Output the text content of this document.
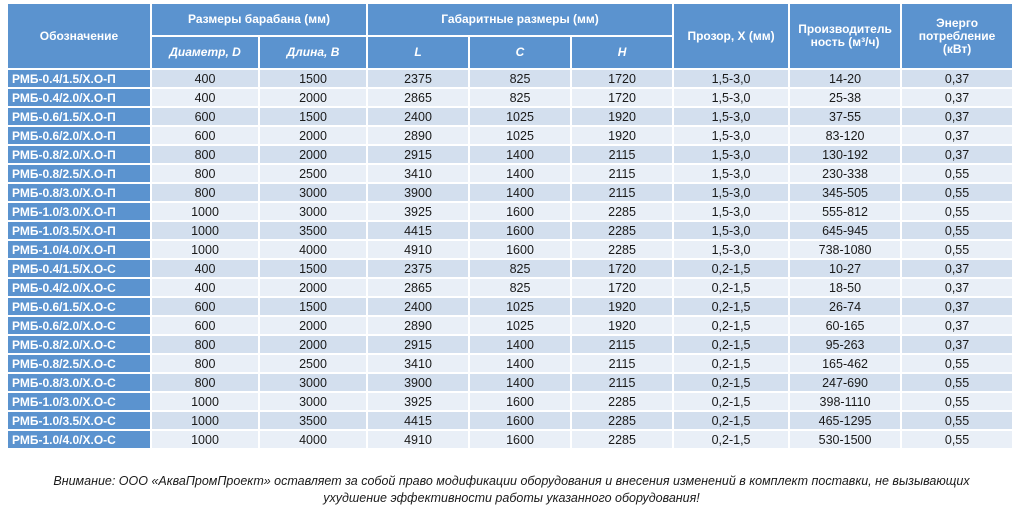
Обозначение	Размеры барабана (мм)		Габаритные размеры (мм)			Прозор, X (мм)	Производитель ность (м³/ч)	Энерго потребление (кВт)
	Диаметр, D	Длина, B	L	C	H			
РМБ-0.4/1.5/Х.О-П	400	1500	2375	825	1720	1,5-3,0	14-20	0,37
РМБ-0.4/2.0/Х.О-П	400	2000	2865	825	1720	1,5-3,0	25-38	0,37
РМБ-0.6/1.5/Х.О-П	600	1500	2400	1025	1920	1,5-3,0	37-55	0,37
РМБ-0.6/2.0/Х.О-П	600	2000	2890	1025	1920	1,5-3,0	83-120	0,37
РМБ-0.8/2.0/Х.О-П	800	2000	2915	1400	2115	1,5-3,0	130-192	0,37
РМБ-0.8/2.5/Х.О-П	800	2500	3410	1400	2115	1,5-3,0	230-338	0,55
РМБ-0.8/3.0/Х.О-П	800	3000	3900	1400	2115	1,5-3,0	345-505	0,55
РМБ-1.0/3.0/Х.О-П	1000	3000	3925	1600	2285	1,5-3,0	555-812	0,55
РМБ-1.0/3.5/Х.О-П	1000	3500	4415	1600	2285	1,5-3,0	645-945	0,55
РМБ-1.0/4.0/Х.О-П	1000	4000	4910	1600	2285	1,5-3,0	738-1080	0,55
РМБ-0.4/1.5/Х.О-С	400	1500	2375	825	1720	0,2-1,5	10-27	0,37
РМБ-0.4/2.0/Х.О-С	400	2000	2865	825	1720	0,2-1,5	18-50	0,37
РМБ-0.6/1.5/Х.О-С	600	1500	2400	1025	1920	0,2-1,5	26-74	0,37
РМБ-0.6/2.0/Х.О-С	600	2000	2890	1025	1920	0,2-1,5	60-165	0,37
РМБ-0.8/2.0/Х.О-С	800	2000	2915	1400	2115	0,2-1,5	95-263	0,37
РМБ-0.8/2.5/Х.О-С	800	2500	3410	1400	2115	0,2-1,5	165-462	0,55
РМБ-0.8/3.0/Х.О-С	800	3000	3900	1400	2115	0,2-1,5	247-690	0,55
РМБ-1.0/3.0/Х.О-С	1000	3000	3925	1600	2285	0,2-1,5	398-1110	0,55
РМБ-1.0/3.5/Х.О-С	1000	3500	4415	1600	2285	0,2-1,5	465-1295	0,55
РМБ-1.0/4.0/Х.О-С	1000	4000	4910	1600	2285	0,2-1,5	530-1500	0,55
Внимание: ООО «АкваПромПроект» оставляет за собой право модификации оборудования и внесения изменений в комплект поставки, не вызывающих
ухудшение эффективности работы указанного оборудования!
